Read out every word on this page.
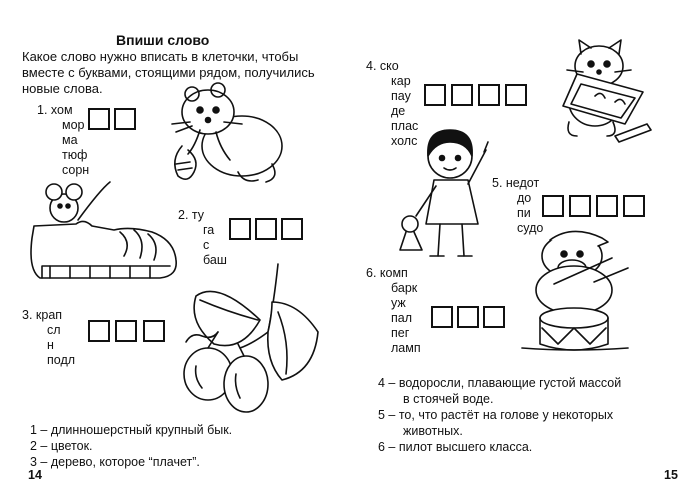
Впиши слово
Какое слово нужно вписать в клеточки, чтобы
вместе с буквами, стоящими рядом, получились
новые слова.
1. хом
мор
ма
тюф
сорн
2. ту
га
с
баш
3. крап
сл
н
подл
1 – длинношерстный крупный бык.
2 – цветок.
3 – дерево, которое “плачет”.
14
4. ско
кар
пау
де
плас
холс
5. недот
до
пи
судо
6. комп
барк
уж
пал
пег
ламп
4 – водоросли, плавающие густой массой
в стоячей воде.
5 – то, что растёт на голове у некоторых
животных.
6 – пилот высшего класса.
15
